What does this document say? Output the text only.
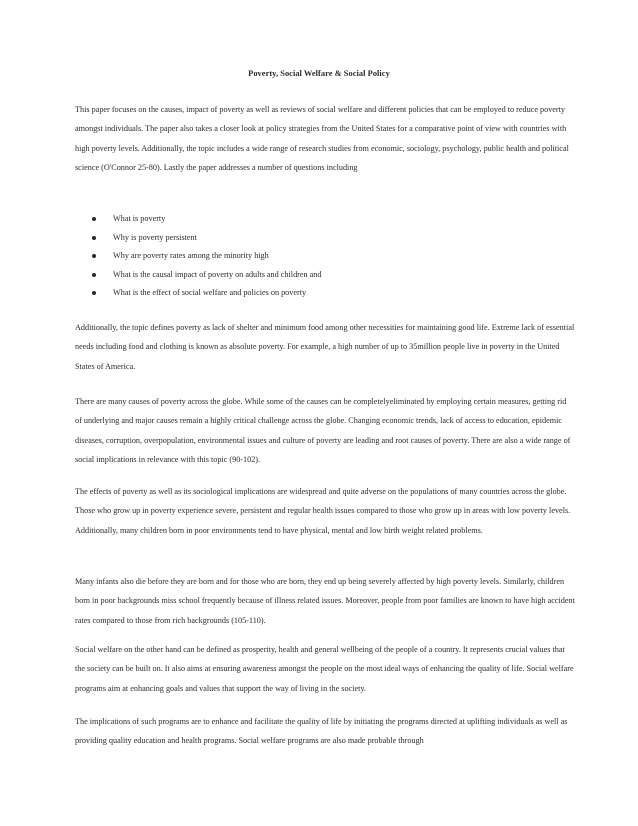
Poverty, Social Welfare & Social Policy

This paper focuses on the causes, impact of poverty as well as reviews of social welfare and different policies that can be employed to reduce poverty amongst individuals. The paper also takes a closer look at policy strategies from the United States for a comparative point of view with countries with high poverty levels. Additionally, the topic includes a wide range of research studies from economic, sociology, psychology, public health and political science (O'Connor 25-80). Lastly the paper addresses a number of questions including

What is poverty
Why is poverty persistent
Why are poverty rates among the minority high
What is the causal impact of poverty on adults and children and
What is the effect of social welfare and policies on poverty

Additionally, the topic defines poverty as lack of shelter and minimum food among other necessities for maintaining good life. Extreme lack of essential needs including food and clothing is known as absolute poverty. For example, a high number of up to 35million people live in poverty in the United States of America.

There are many causes of poverty across the globe. While some of the causes can be completelyeliminated by employing certain measures, getting rid of underlying and major causes remain a highly critical challenge across the globe. Changing economic trends, lack of access to education, epidemic diseases, corruption, overpopulation, environmental issues and culture of poverty are leading and root causes of poverty. There are also a wide range of social implications in relevance with this topic (90-102).

The effects of poverty as well as its sociological implications are widespread and quite adverse on the populations of many countries across the globe. Those who grow up in poverty experience severe, persistent and regular health issues compared to those who grow up in areas with low poverty levels. Additionally, many children born in poor environments tend to have physical, mental and low birth weight related problems.

Many infants also die before they are born and for those who are born, they end up being severely affected by high poverty levels. Similarly, children born in poor backgrounds miss school frequently because of illness related issues. Moreover, people from poor families are known to have high accident rates compared to those from rich backgrounds (105-110).

Social welfare on the other hand can be defined as prosperity, health and general wellbeing of the people of a country. It represents crucial values that the society can be built on. It also aims at ensuring awareness amongst the people on the most ideal ways of enhancing the quality of life. Social welfare programs aim at enhancing goals and values that support the way of living in the society.

The implications of such programs are to enhance and facilitate the quality of life by initiating the programs directed at uplifting individuals as well as providing quality education and health programs. Social welfare programs are also made probable through
